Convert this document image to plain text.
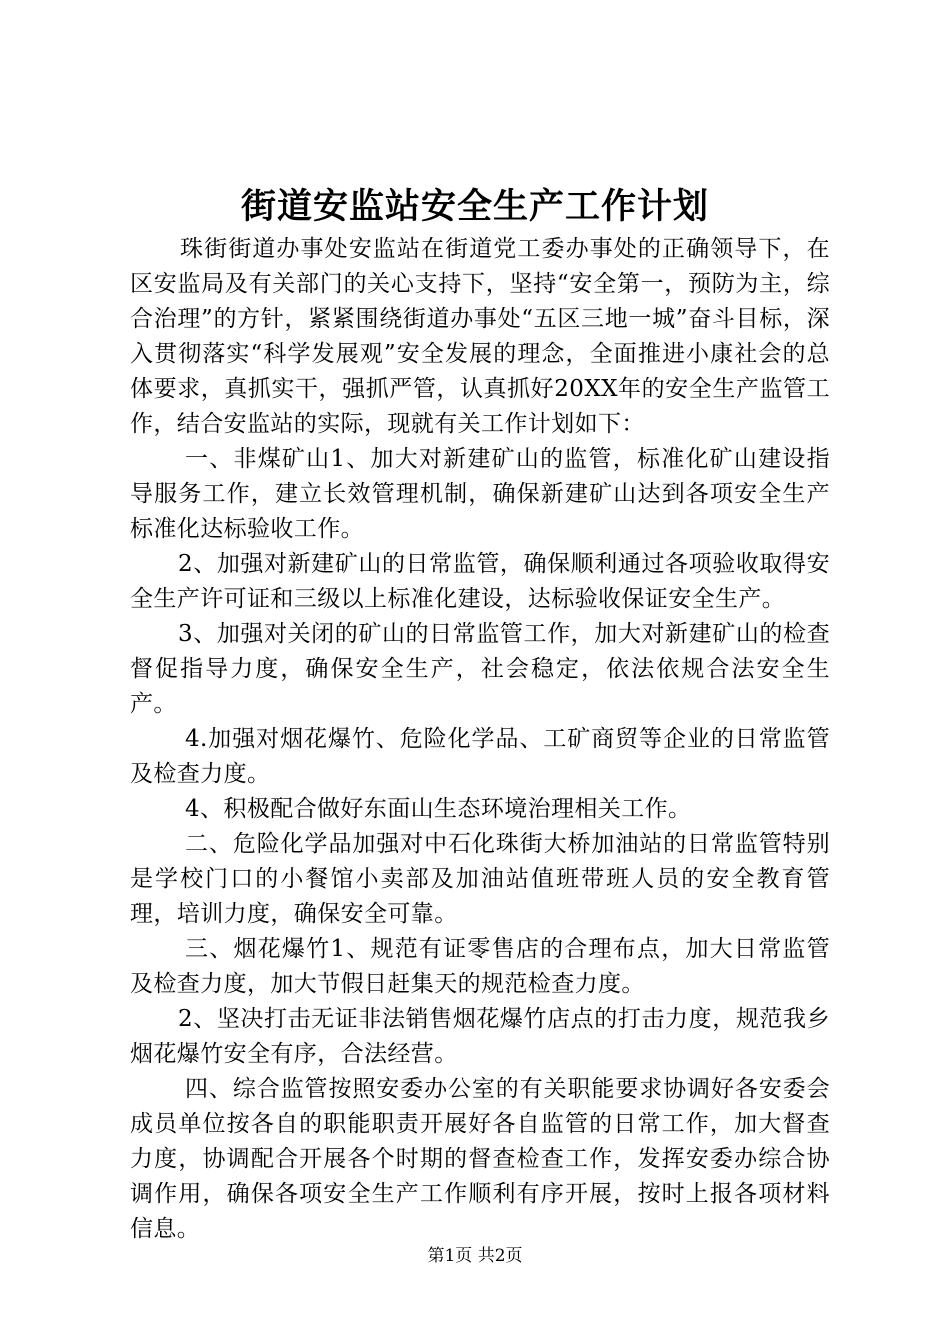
街道安监站安全生产工作计划

珠街街道办事处安监站在街道党工委办事处的正确领导下，在区安监局及有关部门的关心支持下，坚持“安全第一，预防为主，综合治理”的方针，紧紧围绕街道办事处“五区三地一城”奋斗目标，深入贯彻落实“科学发展观”安全发展的理念，全面推进小康社会的总体要求，真抓实干，强抓严管，认真抓好20XX年的安全生产监管工作，结合安监站的实际，现就有关工作计划如下：

一、非煤矿山1、加大对新建矿山的监管，标准化矿山建设指导服务工作，建立长效管理机制，确保新建矿山达到各项安全生产标准化达标验收工作。

2、加强对新建矿山的日常监管，确保顺利通过各项验收取得安全生产许可证和三级以上标准化建设，达标验收保证安全生产。

3、加强对关闭的矿山的日常监管工作，加大对新建矿山的检查督促指导力度，确保安全生产，社会稳定，依法依规合法安全生产。

4.加强对烟花爆竹、危险化学品、工矿商贸等企业的日常监管及检查力度。

4、积极配合做好东面山生态环境治理相关工作。

二、危险化学品加强对中石化珠街大桥加油站的日常监管特别是学校门口的小餐馆小卖部及加油站值班带班人员的安全教育管理，培训力度，确保安全可靠。

三、烟花爆竹1、规范有证零售店的合理布点，加大日常监管及检查力度，加大节假日赶集天的规范检查力度。

2、坚决打击无证非法销售烟花爆竹店点的打击力度，规范我乡烟花爆竹安全有序，合法经营。

四、综合监管按照安委办公室的有关职能要求协调好各安委会成员单位按各自的职能职责开展好各自监管的日常工作，加大督查力度，协调配合开展各个时期的督查检查工作，发挥安委办综合协调作用，确保各项安全生产工作顺利有序开展，按时上报各项材料信息。

第1页 共2页
